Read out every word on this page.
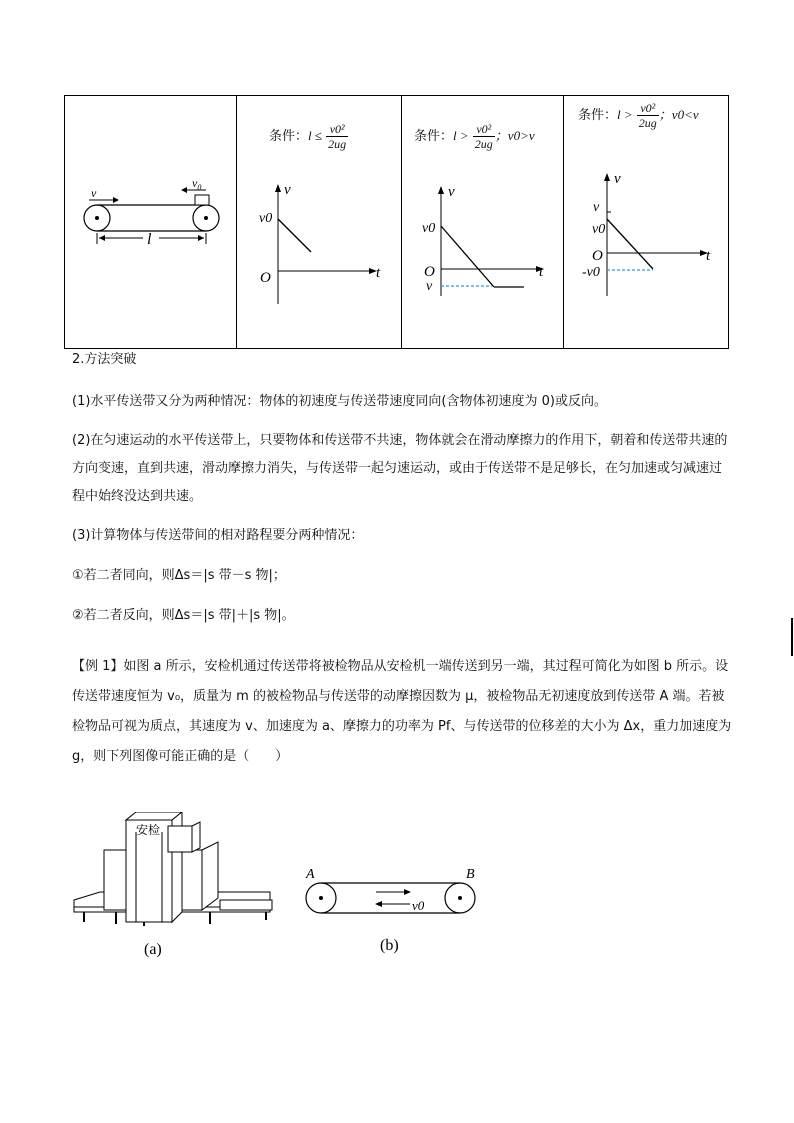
v
$v_0$
l
条件：$l \le \frac{\text{v0²}}{2ug}$
v
t
O
v0
条件：$l > \frac{\text{v0²}}{2ug}$ ；v0>v
v
t
O
v0
v
条件：$l > \frac{\text{v0²}}{2ug}$ ；v0<v
v
t
O
v
v0
-v0
2.方法突破
(1)水平传送带又分为两种情况：物体的初速度与传送带速度同向(含物体初速度为 0)或反向。
(2)在匀速运动的水平传送带上，只要物体和传送带不共速，物体就会在滑动摩擦力的作用下，朝着和传送带共速的方向变速，直到共速，滑动摩擦力消失，与传送带一起匀速运动，或由于传送带不是足够长，在匀加速或匀减速过程中始终没达到共速。
(3)计算物体与传送带间的相对路程要分两种情况：
①若二者同向，则Δs＝|s 带－s 物|；
②若二者反向，则Δs＝|s 带|＋|s 物|。
【例 1】如图 a 所示，安检机通过传送带将被检物品从安检机一端传送到另一端，其过程可简化为如图 b 所示。设传送带速度恒为 v₀，质量为 m 的被检物品与传送带的动摩擦因数为 μ，被检物品无初速度放到传送带 A 端。若被检物品可视为质点，其速度为 v、加速度为 a、摩擦力的功率为 Pf、与传送带的位移差的大小为 Δx，重力加速度为 g，则下列图像可能正确的是（　　）
安检
(a)
A	B
v0
(b)
